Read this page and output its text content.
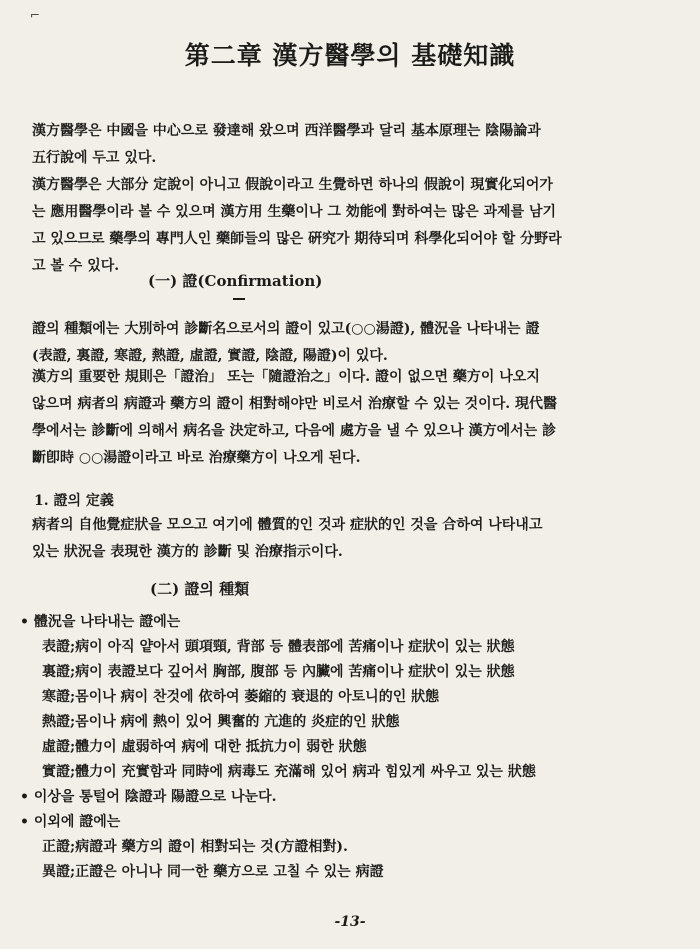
⌐
第二章 漢方醫學의 基礎知識
漢方醫學은 中國을 中心으로 發達해 왔으며 西洋醫學과 달리 基本原理는 陰陽論과
五行說에 두고 있다.
漢方醫學은 大部分 定說이 아니고 假說이라고 生覺하면 하나의 假說이 現實化되어가
는 應用醫學이라 볼 수 있으며 漢方用 生藥이나 그 効能에 對하여는 많은 과제를 남기
고 있으므로 藥學의 專門人인 藥師들의 많은 硏究가 期待되며 科學化되어야 할 分野라
고 볼 수 있다.
(一) 證(Confirmation)
證의 種類에는 大別하여 診斷名으로서의 證이 있고(○○湯證), 體況을 나타내는 證
(表證, 裏證, 寒證, 熱證, 虛證, 實證, 陰證, 陽證)이 있다.
漢方의 重要한 規則은「證治」 또는「隨證治之」이다. 證이 없으면 藥方이 나오지
않으며 病者의 病證과 藥方의 證이 相對해야만 비로서 治療할 수 있는 것이다. 現代醫
學에서는 診斷에 의해서 病名을 決定하고, 다음에 處方을 낼 수 있으나 漢方에서는 診
斷卽時 ○○湯證이라고 바로 治療藥方이 나오게 된다.
1. 證의 定義
病者의 自他覺症狀을 모으고 여기에 體質的인 것과 症狀的인 것을 合하여 나타내고
있는 狀況을 表現한 漢方的 診斷 및 治療指示이다.
(二) 證의 種類
• 體況을 나타내는 證에는
表證;病이 아직 얕아서 頭項頸, 背部 등 體表部에 苦痛이나 症狀이 있는 狀態
裏證;病이 表證보다 깊어서 胸部, 腹部 등 內臟에 苦痛이나 症狀이 있는 狀態
寒證;몸이나 病이 찬것에 依하여 萎縮的 衰退的 아토니的인 狀態
熱證;몸이나 病에 熱이 있어 興奮的 亢進的 炎症的인 狀態
虛證;體力이 虛弱하여 病에 대한 抵抗力이 弱한 狀態
實證;體力이 充實함과 同時에 病毒도 充滿해 있어 病과 힘있게 싸우고 있는 狀態
• 이상을 통털어 陰證과 陽證으로 나눈다.
• 이외에 證에는
正證;病證과 藥方의 證이 相對되는 것(方證相對).
異證;正證은 아니나 同一한 藥方으로 고칠 수 있는 病證
-13-
